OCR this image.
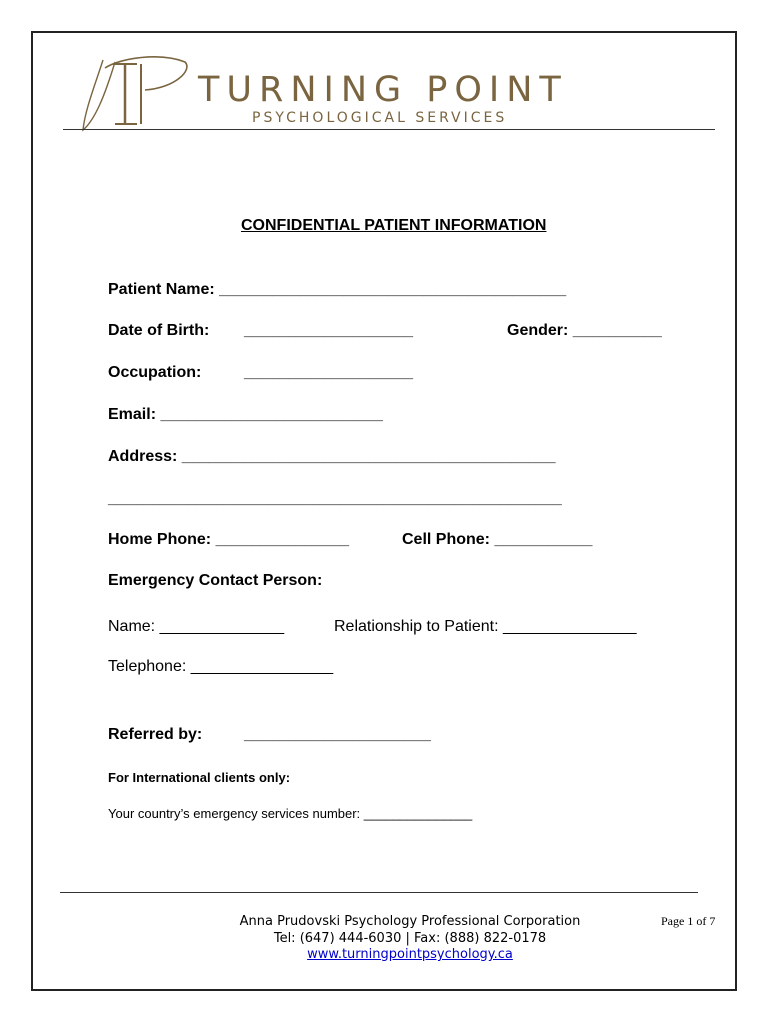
TURNING POINT
PSYCHOLOGICAL SERVICES
CONFIDENTIAL PATIENT INFORMATION
Patient Name: _______________________________________
Date of Birth: ___________________	Gender: __________
Occupation:	___________________
Email: _________________________
Address: __________________________________________
___________________________________________________
Home Phone: _______________	Cell Phone: ___________
Emergency Contact Person:
Name: ______________	Relationship to Patient: _______________
Telephone: ________________
Referred by:	_____________________
For International clients only:
Your country’s emergency services number: _______________
Anna Prudovski Psychology Professional Corporation
Tel: (647) 444-6030 | Fax: (888) 822-0178
www.turningpointpsychology.ca
Page 1 of 7
